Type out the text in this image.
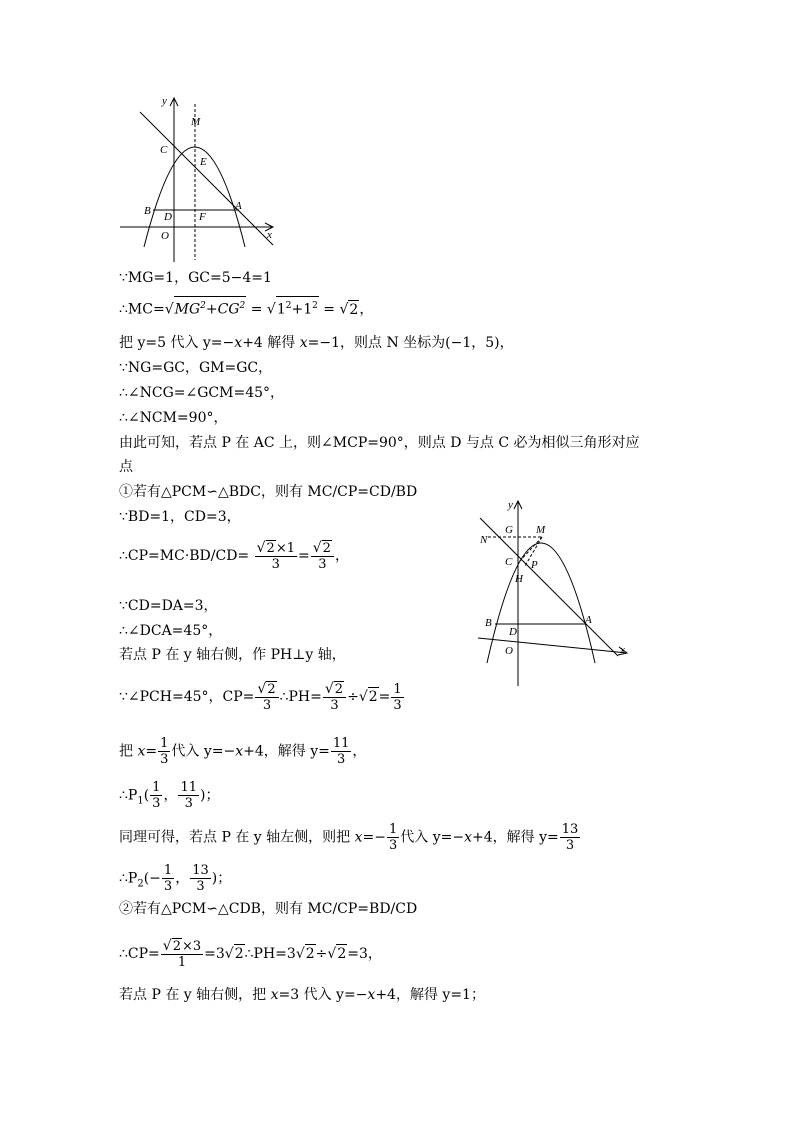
y
M
C
E
B D F
A
O	x
y
G M
N
C P
H
B
D
A
O	x
∵MG=1，GC=5−4=1
$\therefore MC=√MG^2+CG^2 = √1^2+1^2 = √2$，
把 y=5 代入 y=−x+4 解得 x=−1，则点 N 坐标为(−1，5)，
∵NG=GC，GM=GC，
∴∠NCG=∠GCM=45°，
∴∠NCM=90°，
由此可知，若点 P 在 AC 上，则∠MCP=90°，则点 D 与点 C 必为相似三角形对应
点
①若有△PCM∽△BDC，则有 MC/CP=CD/BD
∵BD=1，CD=3，
∴CP=MC·BD/CD= $\frac{√2\times 1}{3} = \frac{√2}{3}$ ，
∵CD=DA=3，
∴∠DCA=45°，
若点 P 在 y 轴右侧，作 PH⊥y 轴，
∵∠PCH=45°，$CP= \frac{√2}{3}$ ∴PH= $\frac{√2}{3} \div√2= \frac{1}{3}$
把 $x= \frac{1}{3}$ 代入 y=−x+4，解得 $y= \frac{11}{3}$ ，
$\therefore P_1( \frac{1}{3}$ ， $\frac{11}{3}$ )；
同理可得，若点 P 在 y 轴左侧，则把 $x=- \frac{1}{3}$ 代入 y=−x+4，解得 $y= \frac{13}{3}$
$\therefore P_2(- \frac{1}{3}$ ， $\frac{13}{3}$ )；
②若有△PCM∽△CDB，则有 MC/CP=BD/CD
∴CP= $\frac{√2\times 3}{1}$ =3√2∴PH=3√2÷√2=3，
若点 P 在 y 轴右侧，把 x=3 代入 y=−x+4，解得 y=1；
